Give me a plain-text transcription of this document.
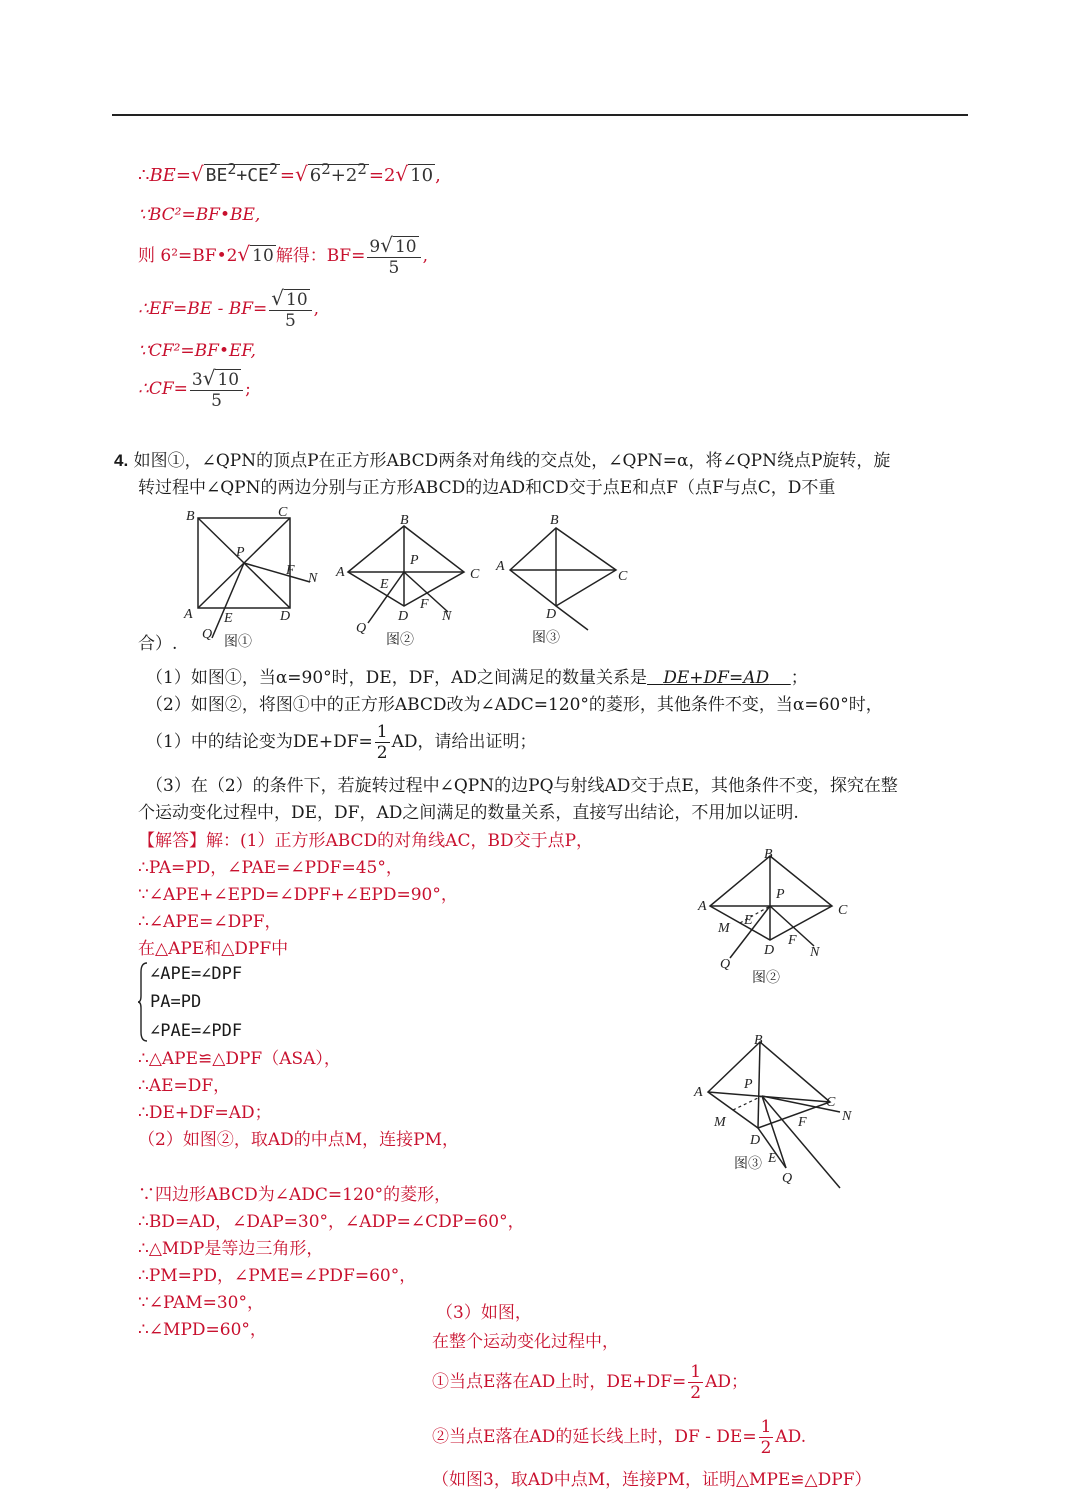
∴BE=√ $BE^2+CE^2$ =√ $6^2+2^2 =2√$ 10 ,
∵BC²=BF•BE,
则 6²=BF•2√ 10 解得：$BF= \frac{9√ 10}{5}$ ,
∴EF=BE - $BF= \frac{√ 10}{5}$ ,
∵CF²=BF•EF,
∴CF= $\frac{3√ 10}{5}$ ;
4. 如图①，∠QPN的顶点P在正方形ABCD两条对角线的交点处，∠QPN=α，将∠QPN绕点P旋转，旋
转过程中∠QPN的两边分别与正方形ABCD的边AD和CD交于点E和点F（点F与点C，D不重
B	C
P
F
N
A E	D
Q
图①
合）.
B
P
A	C
E
D
F
N
Q
图②
B
A
C
D
图③
（1）如图①，当α=90°时，DE，DF，AD之间满足的数量关系是 DE+DF=AD ；
（2）如图②，将图①中的正方形ABCD改为∠ADC=120°的菱形，其他条件不变，当α=60°时，
（1）中的结论变为$DE+DF= \frac{1}{2}$ AD，请给出证明；
（3）在（2）的条件下，若旋转过程中∠QPN的边PQ与射线AD交于点E，其他条件不变，探究在整
个运动变化过程中，DE，DF，AD之间满足的数量关系，直接写出结论，不用加以证明.
【解答】解：(1）正方形ABCD的对角线AC，BD交于点P，
∴PA=PD，∠PAE=∠PDF=45°，
∵∠APE+∠EPD=∠DPF+∠EPD=90°，
∴∠APE=∠DPF，
在△APE和△DPF中
∠APE=∠DPF
PA=PD
∠PAE=∠PDF
∴△APE≌△DPF（ASA），
∴AE=DF，
∴DE+DF=AD；
（2）如图②，取AD的中点M，连接PM，
∵四边形ABCD为∠ADC=120°的菱形，
∴BD=AD，∠DAP=30°，∠ADP=∠CDP=60°，
∴△MDP是等边三角形，
∴PM=PD，∠PME=∠PDF=60°，
∵∠PAM=30°，
∴∠MPD=60°，
B
P
A	C
E
M
D
F
N
Q
图②
B
P
A
C
N
M	F
D
E
Q
图③
（3）如图，
在整个运动变化过程中，
①当点E落在AD上时，$DE+DF= \frac{1}{2}$ AD；
②当点E落在AD的延长线上时，DF - $DE= \frac{1}{2}$ AD.
（如图3，取AD中点M，连接PM，证明△MPE≌△DPF）
